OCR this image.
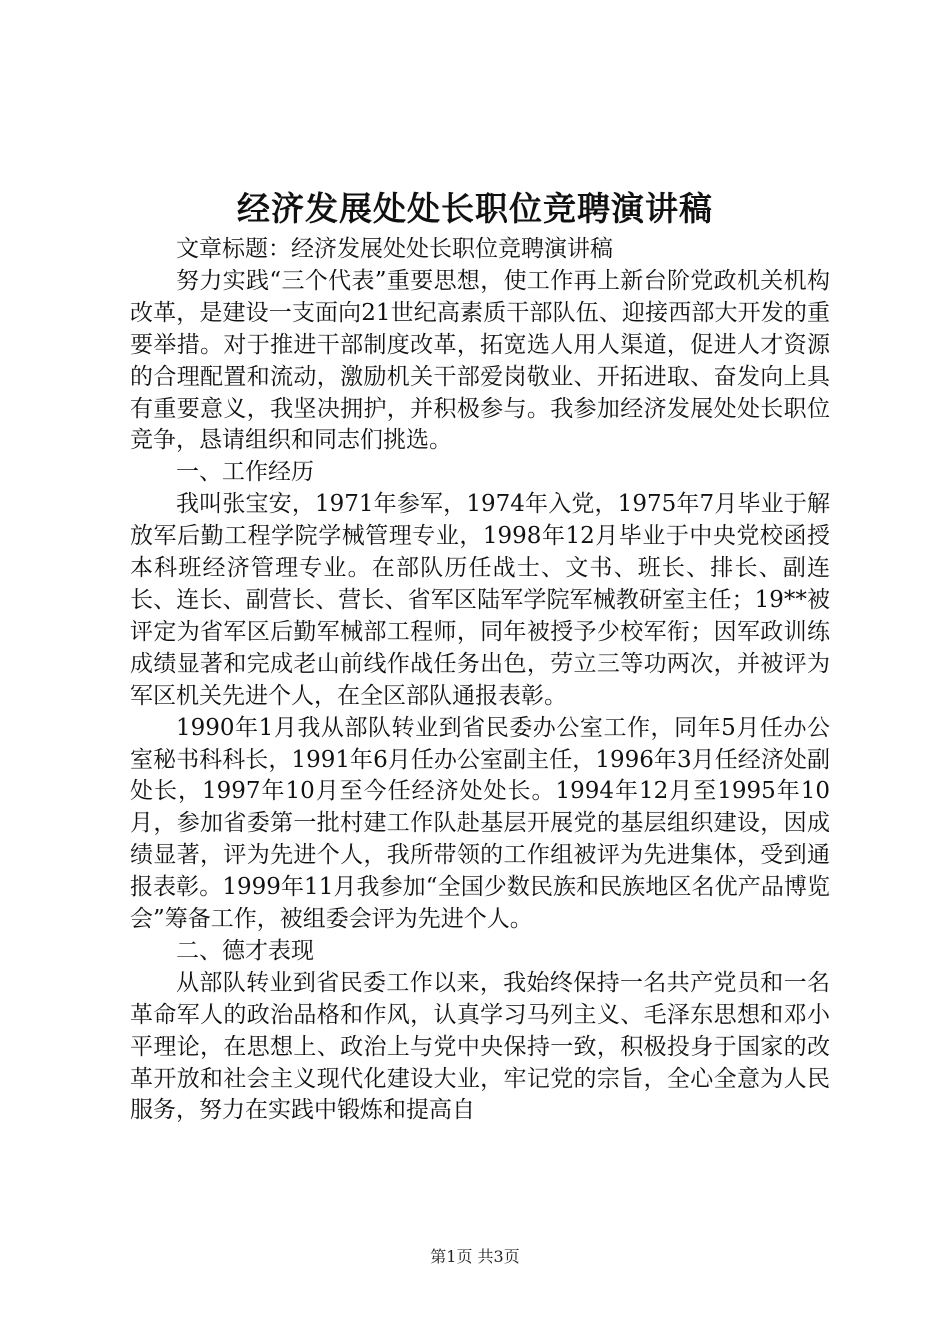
经济发展处处长职位竞聘演讲稿

文章标题：经济发展处处长职位竞聘演讲稿

努力实践“三个代表”重要思想，使工作再上新台阶党政机关机构改革，是建设一支面向21世纪高素质干部队伍、迎接西部大开发的重要举措。对于推进干部制度改革，拓宽选人用人渠道，促进人才资源的合理配置和流动，激励机关干部爱岗敬业、开拓进取、奋发向上具有重要意义，我坚决拥护，并积极参与。我参加经济发展处处长职位竞争，恳请组织和同志们挑选。

一、工作经历

我叫张宝安，1971年参军，1974年入党，1975年7月毕业于解放军后勤工程学院学械管理专业，1998年12月毕业于中央党校函授本科班经济管理专业。在部队历任战士、文书、班长、排长、副连长、连长、副营长、营长、省军区陆军学院军械教研室主任；19**被评定为省军区后勤军械部工程师，同年被授予少校军衔；因军政训练成绩显著和完成老山前线作战任务出色，劳立三等功两次，并被评为军区机关先进个人，在全区部队通报表彰。

1990年1月我从部队转业到省民委办公室工作，同年5月任办公室秘书科科长，1991年6月任办公室副主任，1996年3月任经济处副处长，1997年10月至今任经济处处长。1994年12月至1995年10月，参加省委第一批村建工作队赴基层开展党的基层组织建设，因成绩显著，评为先进个人，我所带领的工作组被评为先进集体，受到通报表彰。1999年11月我参加“全国少数民族和民族地区名优产品博览会”筹备工作，被组委会评为先进个人。

二、德才表现

从部队转业到省民委工作以来，我始终保持一名共产党员和一名革命军人的政治品格和作风，认真学习马列主义、毛泽东思想和邓小平理论，在思想上、政治上与党中央保持一致，积极投身于国家的改革开放和社会主义现代化建设大业，牢记党的宗旨，全心全意为人民服务，努力在实践中锻炼和提高自

第1页 共3页
